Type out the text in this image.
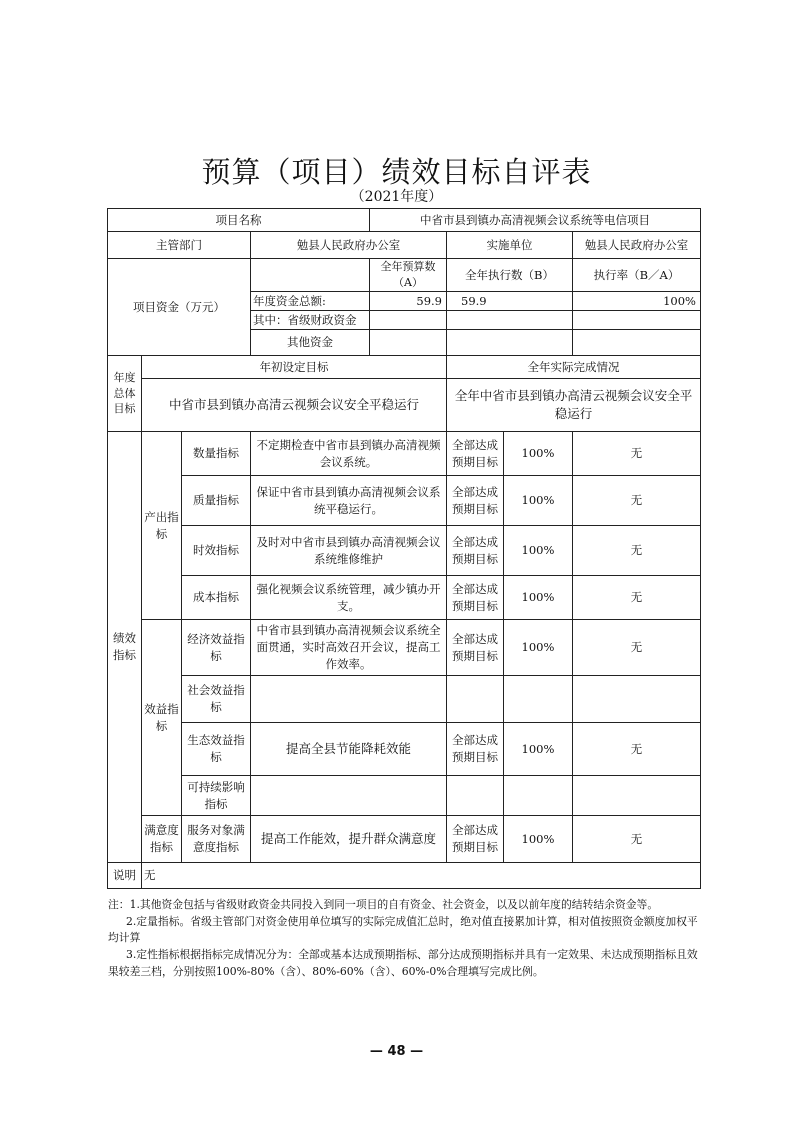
预算（项目）绩效目标自评表
（2021年度）
项目名称				中省市县到镇办高清视频会议系统等电信项目			
主管部门			勉县人民政府办公室		实施单位		勉县人民政府办公室
项目资金（万元）				全年预算数（A）	全年执行数（B）		执行率（B／A）
			年度资金总额:	59.9	59.9		100%
			其中：省级财政资金				
			其他资金				
年度总体目标	年初设定目标				全年实际完成情况		
	中省市县到镇办高清云视频会议安全平稳运行				全年中省市县到镇办高清云视频会议安全平稳运行		
绩效指标	产出指标	数量指标	不定期检查中省市县到镇办高清视频会议系统。		全部达成预期目标	100%	无
		质量指标	保证中省市县到镇办高清视频会议系统平稳运行。		全部达成预期目标	100%	无
		时效指标	及时对中省市县到镇办高清视频会议系统维修维护		全部达成预期目标	100%	无
		成本指标	强化视频会议系统管理，减少镇办开支。		全部达成预期目标	100%	无
	效益指标	经济效益指标	中省市县到镇办高清视频会议系统全面贯通，实时高效召开会议，提高工作效率。		全部达成预期目标	100%	无
		社会效益指标					
		生态效益指标	提高全县节能降耗效能		全部达成预期目标	100%	无
		可持续影响指标					
	满意度指标	服务对象满意度指标	提高工作能效，提升群众满意度		全部达成预期目标	100%	无
说明	无						

注：1.其他资金包括与省级财政资金共同投入到同一项目的自有资金、社会资金，以及以前年度的结转结余资金等。

2.定量指标。省级主管部门对资金使用单位填写的实际完成值汇总时，绝对值直接累加计算，相对值按照资金额度加权平均计算

3.定性指标根据指标完成情况分为：全部或基本达成预期指标、部分达成预期指标并具有一定效果、未达成预期指标且效果较差三档，分别按照100%-80%（含）、80%-60%（含）、60%-0%合理填写完成比例。

— 48 —
